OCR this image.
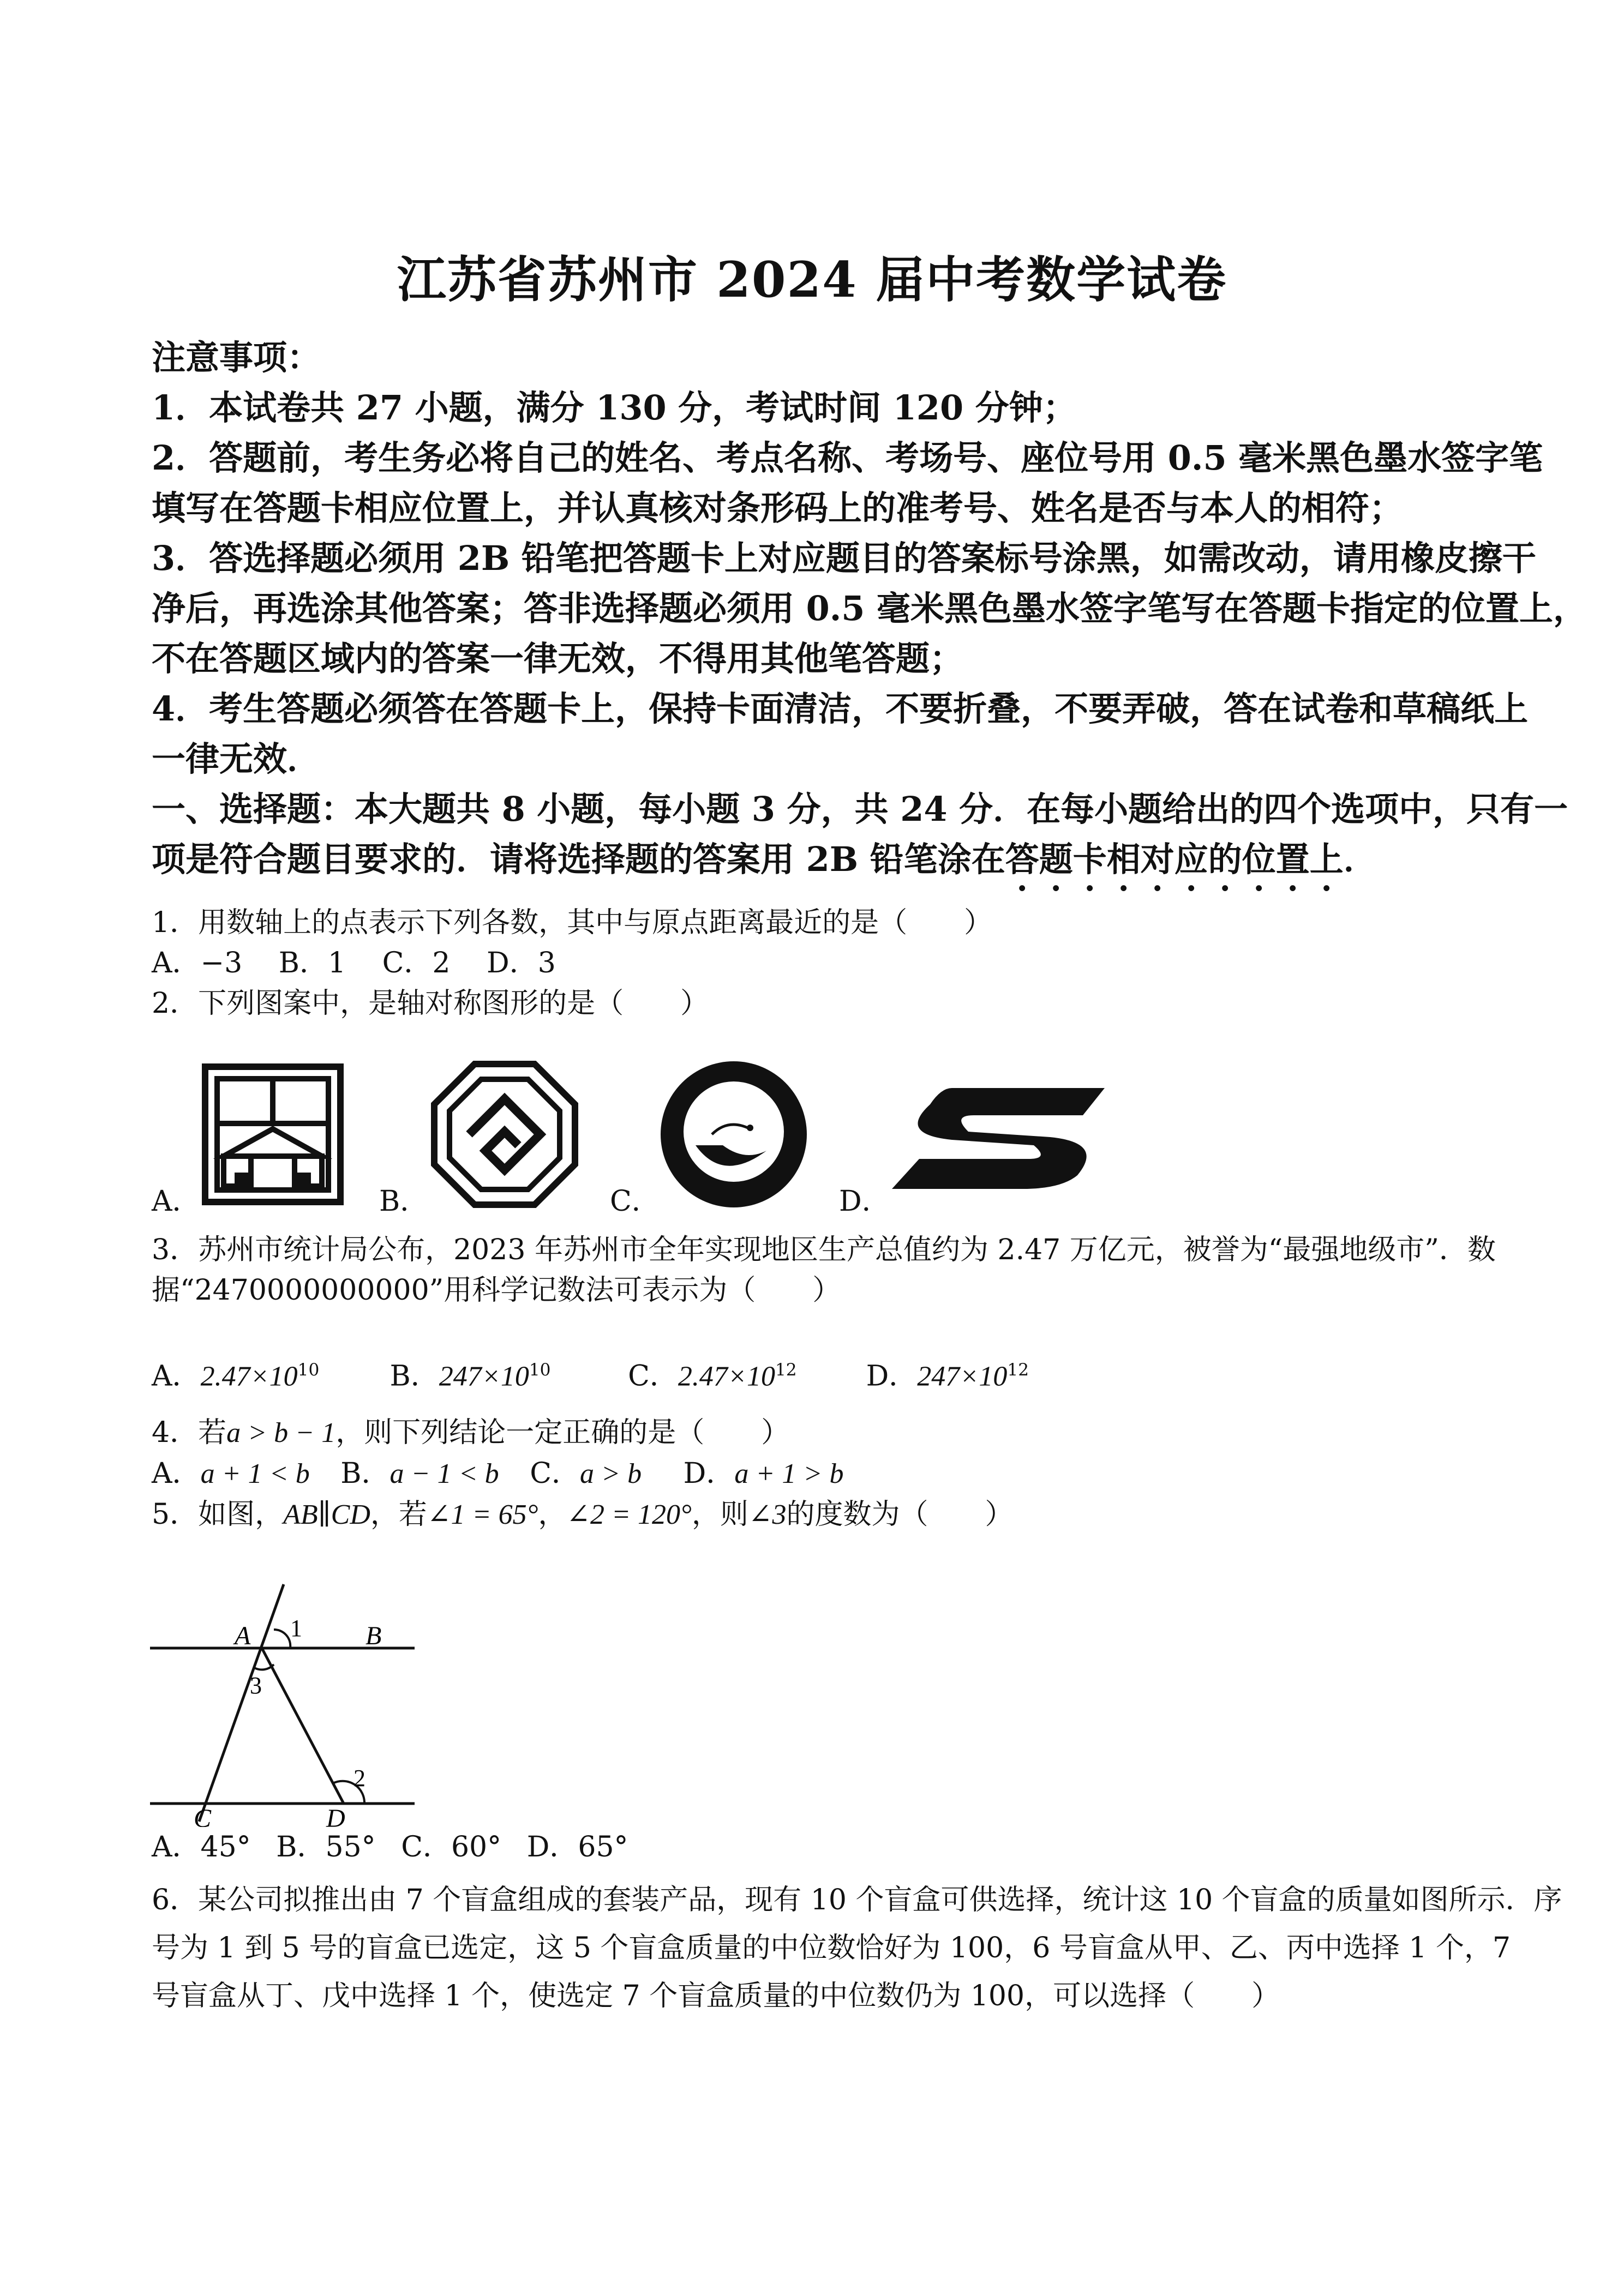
江苏省苏州市 2024 届中考数学试卷
注意事项：
1．本试卷共 27 小题，满分 130 分，考试时间 120 分钟；
2．答题前，考生务必将自己的姓名、考点名称、考场号、座位号用 0.5 毫米黑色墨水签字笔
填写在答题卡相应位置上，并认真核对条形码上的准考号、姓名是否与本人的相符；
3．答选择题必须用 2B 铅笔把答题卡上对应题目的答案标号涂黑，如需改动，请用橡皮擦干
净后，再选涂其他答案；答非选择题必须用 0.5 毫米黑色墨水签字笔写在答题卡指定的位置上，
不在答题区域内的答案一律无效，不得用其他笔答题；
4．考生答题必须答在答题卡上，保持卡面清洁，不要折叠，不要弄破，答在试卷和草稿纸上
一律无效．
一、选择题：本大题共 8 小题，每小题 3 分，共 24 分．在每小题给出的四个选项中，只有一
项是符合题目要求的．请将选择题的答案用 2B 铅笔涂在答题卡相对应的位置上．
1．用数轴上的点表示下列各数，其中与原点距离最近的是（　　）
A．−3 B．1 C．2 D．3
2．下列图案中，是轴对称图形的是（　　）
A．	B．	C．	D．
3．苏州市统计局公布，2023 年苏州市全年实现地区生产总值约为 2.47 万亿元，被誉为“最强地级市”．数
据“2470000000000”用科学记数法可表示为（　　）
A．$2.47\times 10^{10}$ B．$247\times 10^{10}$	C．$2.47\times 10^{12}$ D．$247\times 10^{12}$
4．若a > b − 1，则下列结论一定正确的是（　　）
A．a + 1 < b B．a − 1 < b C．a > b D．a + 1 > b
5．如图，AB∥CD，若∠1 = 65°，∠2 = 120°，则∠3的度数为（　　）
A	B
C	D
1
2
3
A．45° B．55° C．60° D．65°
6．某公司拟推出由 7 个盲盒组成的套装产品，现有 10 个盲盒可供选择，统计这 10 个盲盒的质量如图所示．序
号为 1 到 5 号的盲盒已选定，这 5 个盲盒质量的中位数恰好为 100，6 号盲盒从甲、乙、丙中选择 1 个，7
号盲盒从丁、戊中选择 1 个，使选定 7 个盲盒质量的中位数仍为 100，可以选择（　　）
